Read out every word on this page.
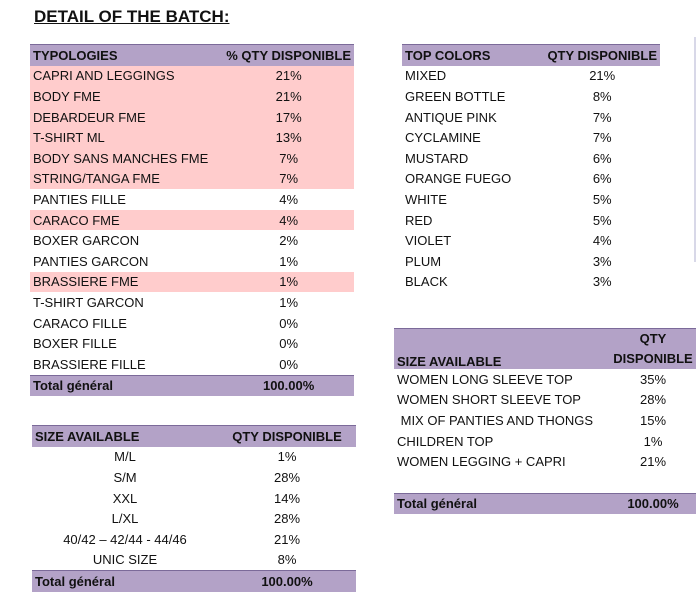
DETAIL OF THE BATCH:
TYPOLOGIES	% QTY DISPONIBLE
CAPRI AND LEGGINGS	21%
BODY FME	21%
DEBARDEUR FME	17%
T-SHIRT ML	13%
BODY SANS MANCHES FME	7%
STRING/TANGA FME	7%
PANTIES FILLE	4%
CARACO FME	4%
BOXER GARCON	2%
PANTIES GARCON	1%
BRASSIERE FME	1%
T-SHIRT GARCON	1%
CARACO FILLE	0%
BOXER FILLE	0%
BRASSIERE FILLE	0%
Total général	100.00%
TOP COLORS	QTY DISPONIBLE
MIXED	21%
GREEN BOTTLE	8%
ANTIQUE PINK	7%
CYCLAMINE	7%
MUSTARD	6%
ORANGE FUEGO	6%
WHITE	5%
RED	5%
VIOLET	4%
PLUM	3%
BLACK	3%
SIZE AVAILABLE	QTY DISPONIBLE
M/L	1%
S/M	28%
XXL	14%
L/XL	28%
40/42 – 42/44 - 44/46	21%
UNIC SIZE	8%
Total général	100.00%
SIZE AVAILABLE	QTY
DISPONIBLE
WOMEN LONG SLEEVE TOP	35%
WOMEN SHORT SLEEVE TOP	28%
MIX OF PANTIES AND THONGS	15%
CHILDREN TOP	1%
WOMEN LEGGING + CAPRI	21%

Total général	100.00%
